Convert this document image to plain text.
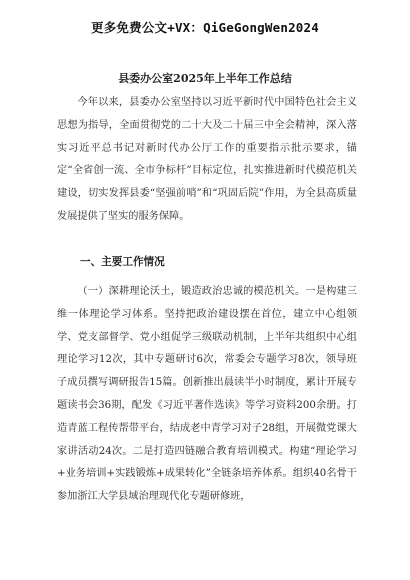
更多免费公文+VX：QiGeGongWen2024
县委办公室2025年上半年工作总结
今年以来，县委办公室坚持以习近平新时代中国特色社会主义思想为指导，全面贯彻党的二十大及二十届三中全会精神，深入落实习近平总书记对新时代办公厅工作的重要指示批示要求，锚定“全省创一流、全市争标杆”目标定位，扎实推进新时代模范机关建设，切实发挥县委“坚强前哨”和“巩固后院”作用，为全县高质量发展提供了坚实的服务保障。
一、主要工作情况
（一）深耕理论沃土，锻造政治忠诚的模范机关。一是构建三维一体理论学习体系。坚持把政治建设摆在首位，建立中心组领学、党支部督学、党小组促学三级联动机制，上半年共组织中心组理论学习12次，其中专题研讨6次，常委会专题学习8次，领导班子成员撰写调研报告15篇。创新推出晨读半小时制度，累计开展专题读书会36期，配发《习近平著作选读》等学习资料200余册。打造青蓝工程传帮带平台，结成老中青学习对子28组，开展微党课大家讲活动24次。二是打造四链融合教育培训模式。构建“理论学习+业务培训+实践锻炼+成果转化”全链条培养体系。组织40名骨干参加浙江大学县域治理现代化专题研修班，
